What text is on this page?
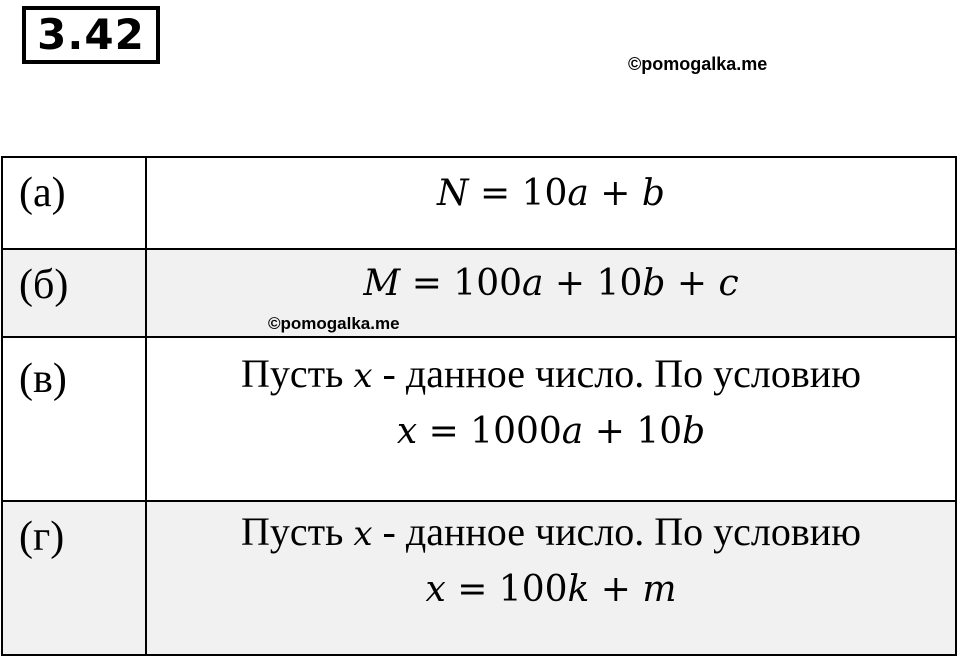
3.42
©pomogalka.me
(а)	N = 10a + b

(б)	M = 100a + 10b + c

(в)	Пусть x - данное число. По условию
x = 1000a + 10b

(г)	Пусть x - данное число. По условию
x = 100k + m
©pomogalka.me
